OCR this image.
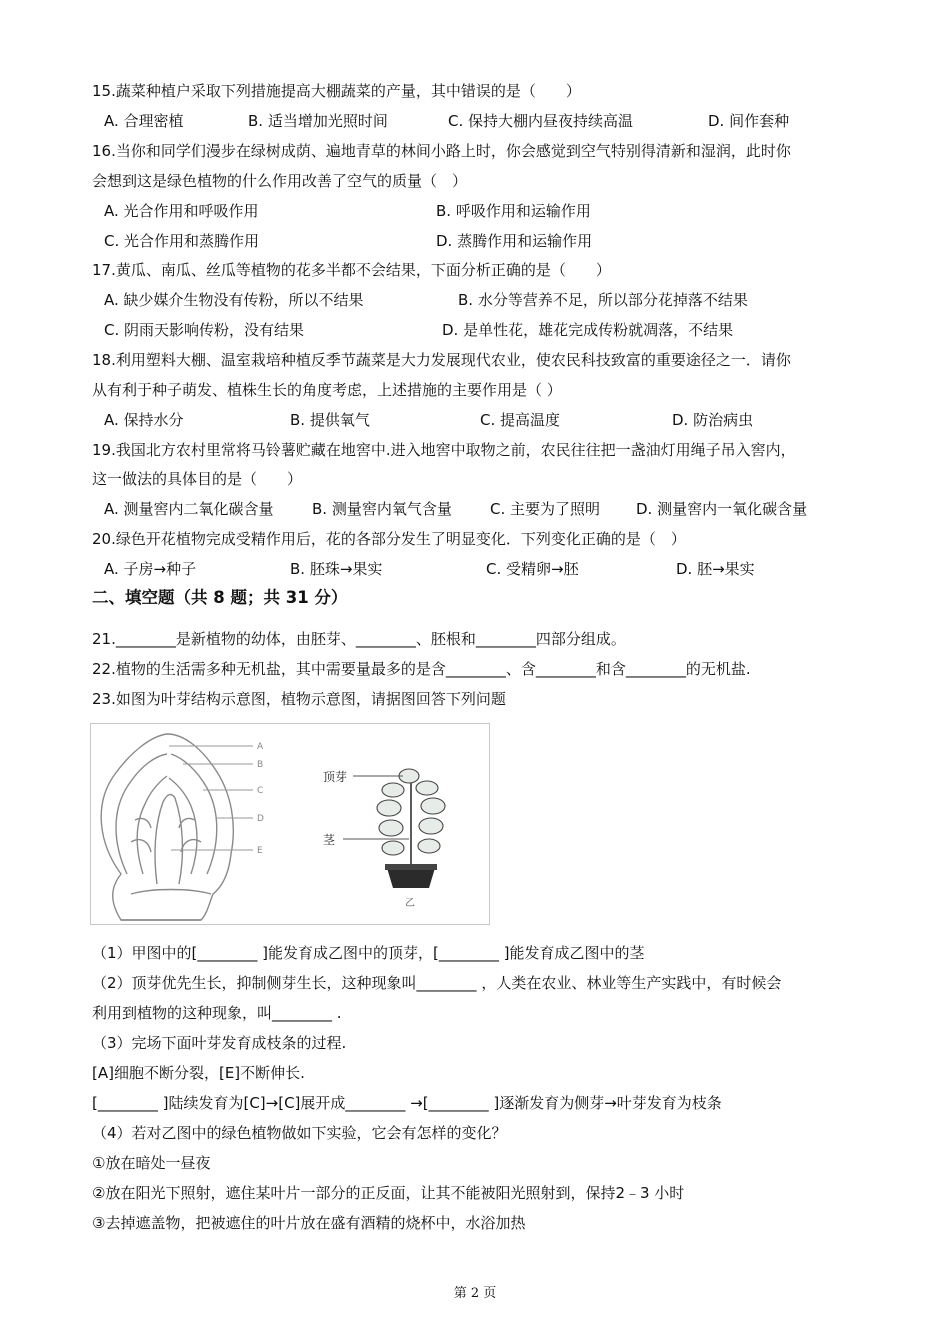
15.蔬菜种植户采取下列措施提高大棚蔬菜的产量，其中错误的是（　　）
A. 合理密植	B. 适当增加光照时间	C. 保持大棚内昼夜持续高温	D. 间作套种
16.当你和同学们漫步在绿树成荫、遍地青草的林间小路上时，你会感觉到空气特别得清新和湿润，此时你
会想到这是绿色植物的什么作用改善了空气的质量（　）
A. 光合作用和呼吸作用	B. 呼吸作用和运输作用
C. 光合作用和蒸腾作用	D. 蒸腾作用和运输作用
17.黄瓜、南瓜、丝瓜等植物的花多半都不会结果，下面分析正确的是（　　）
A. 缺少媒介生物没有传粉，所以不结果	B. 水分等营养不足，所以部分花掉落不结果
C. 阴雨天影响传粉，没有结果	D. 是单性花，雄花完成传粉就凋落，不结果
18.利用塑料大棚、温室栽培种植反季节蔬菜是大力发展现代农业，使农民科技致富的重要途径之一．请你
从有利于种子萌发、植株生长的角度考虑，上述措施的主要作用是（ ）
A. 保持水分	B. 提供氧气	C. 提高温度	D. 防治病虫
19.我国北方农村里常将马铃薯贮藏在地窖中.进入地窖中取物之前，农民往往把一盏油灯用绳子吊入窖内，
这一做法的具体目的是（　　）
A. 测量窖内二氧化碳含量	B. 测量窖内氧气含量	C. 主要为了照明 D. 测量窖内一氧化碳含量
20.绿色开花植物完成受精作用后，花的各部分发生了明显变化．下列变化正确的是（　）
A. 子房→种子	B. 胚珠→果实	C. 受精卵→胚	D. 胚→果实
二、填空题（共 8 题；共 31 分）
21.________是新植物的幼体，由胚芽、________、胚根和________四部分组成。
22.植物的生活需多种无机盐，其中需要量最多的是含________、含________和含________的无机盐.
23.如图为叶芽结构示意图，植物示意图，请据图回答下列问题
A
B
C
D
E
顶芽
茎
乙
（1）甲图中的[________ ]能发育成乙图中的顶芽，[________ ]能发育成乙图中的茎
（2）顶芽优先生长，抑制侧芽生长，这种现象叫________ ，人类在农业、林业等生产实践中，有时候会
利用到植物的这种现象，叫________ .
（3）完场下面叶芽发育成枝条的过程.
[A]细胞不断分裂，[E]不断伸长.
[________ ]陆续发育为[C]→[C]展开成________ →[________ ]逐渐发育为侧芽→叶芽发育为枝条
（4）若对乙图中的绿色植物做如下实验，它会有怎样的变化？
①放在暗处一昼夜
②放在阳光下照射，遮住某叶片一部分的正反面，让其不能被阳光照射到，保持2﹣3 小时
③去掉遮盖物，把被遮住的叶片放在盛有酒精的烧杯中，水浴加热
第 2 页
